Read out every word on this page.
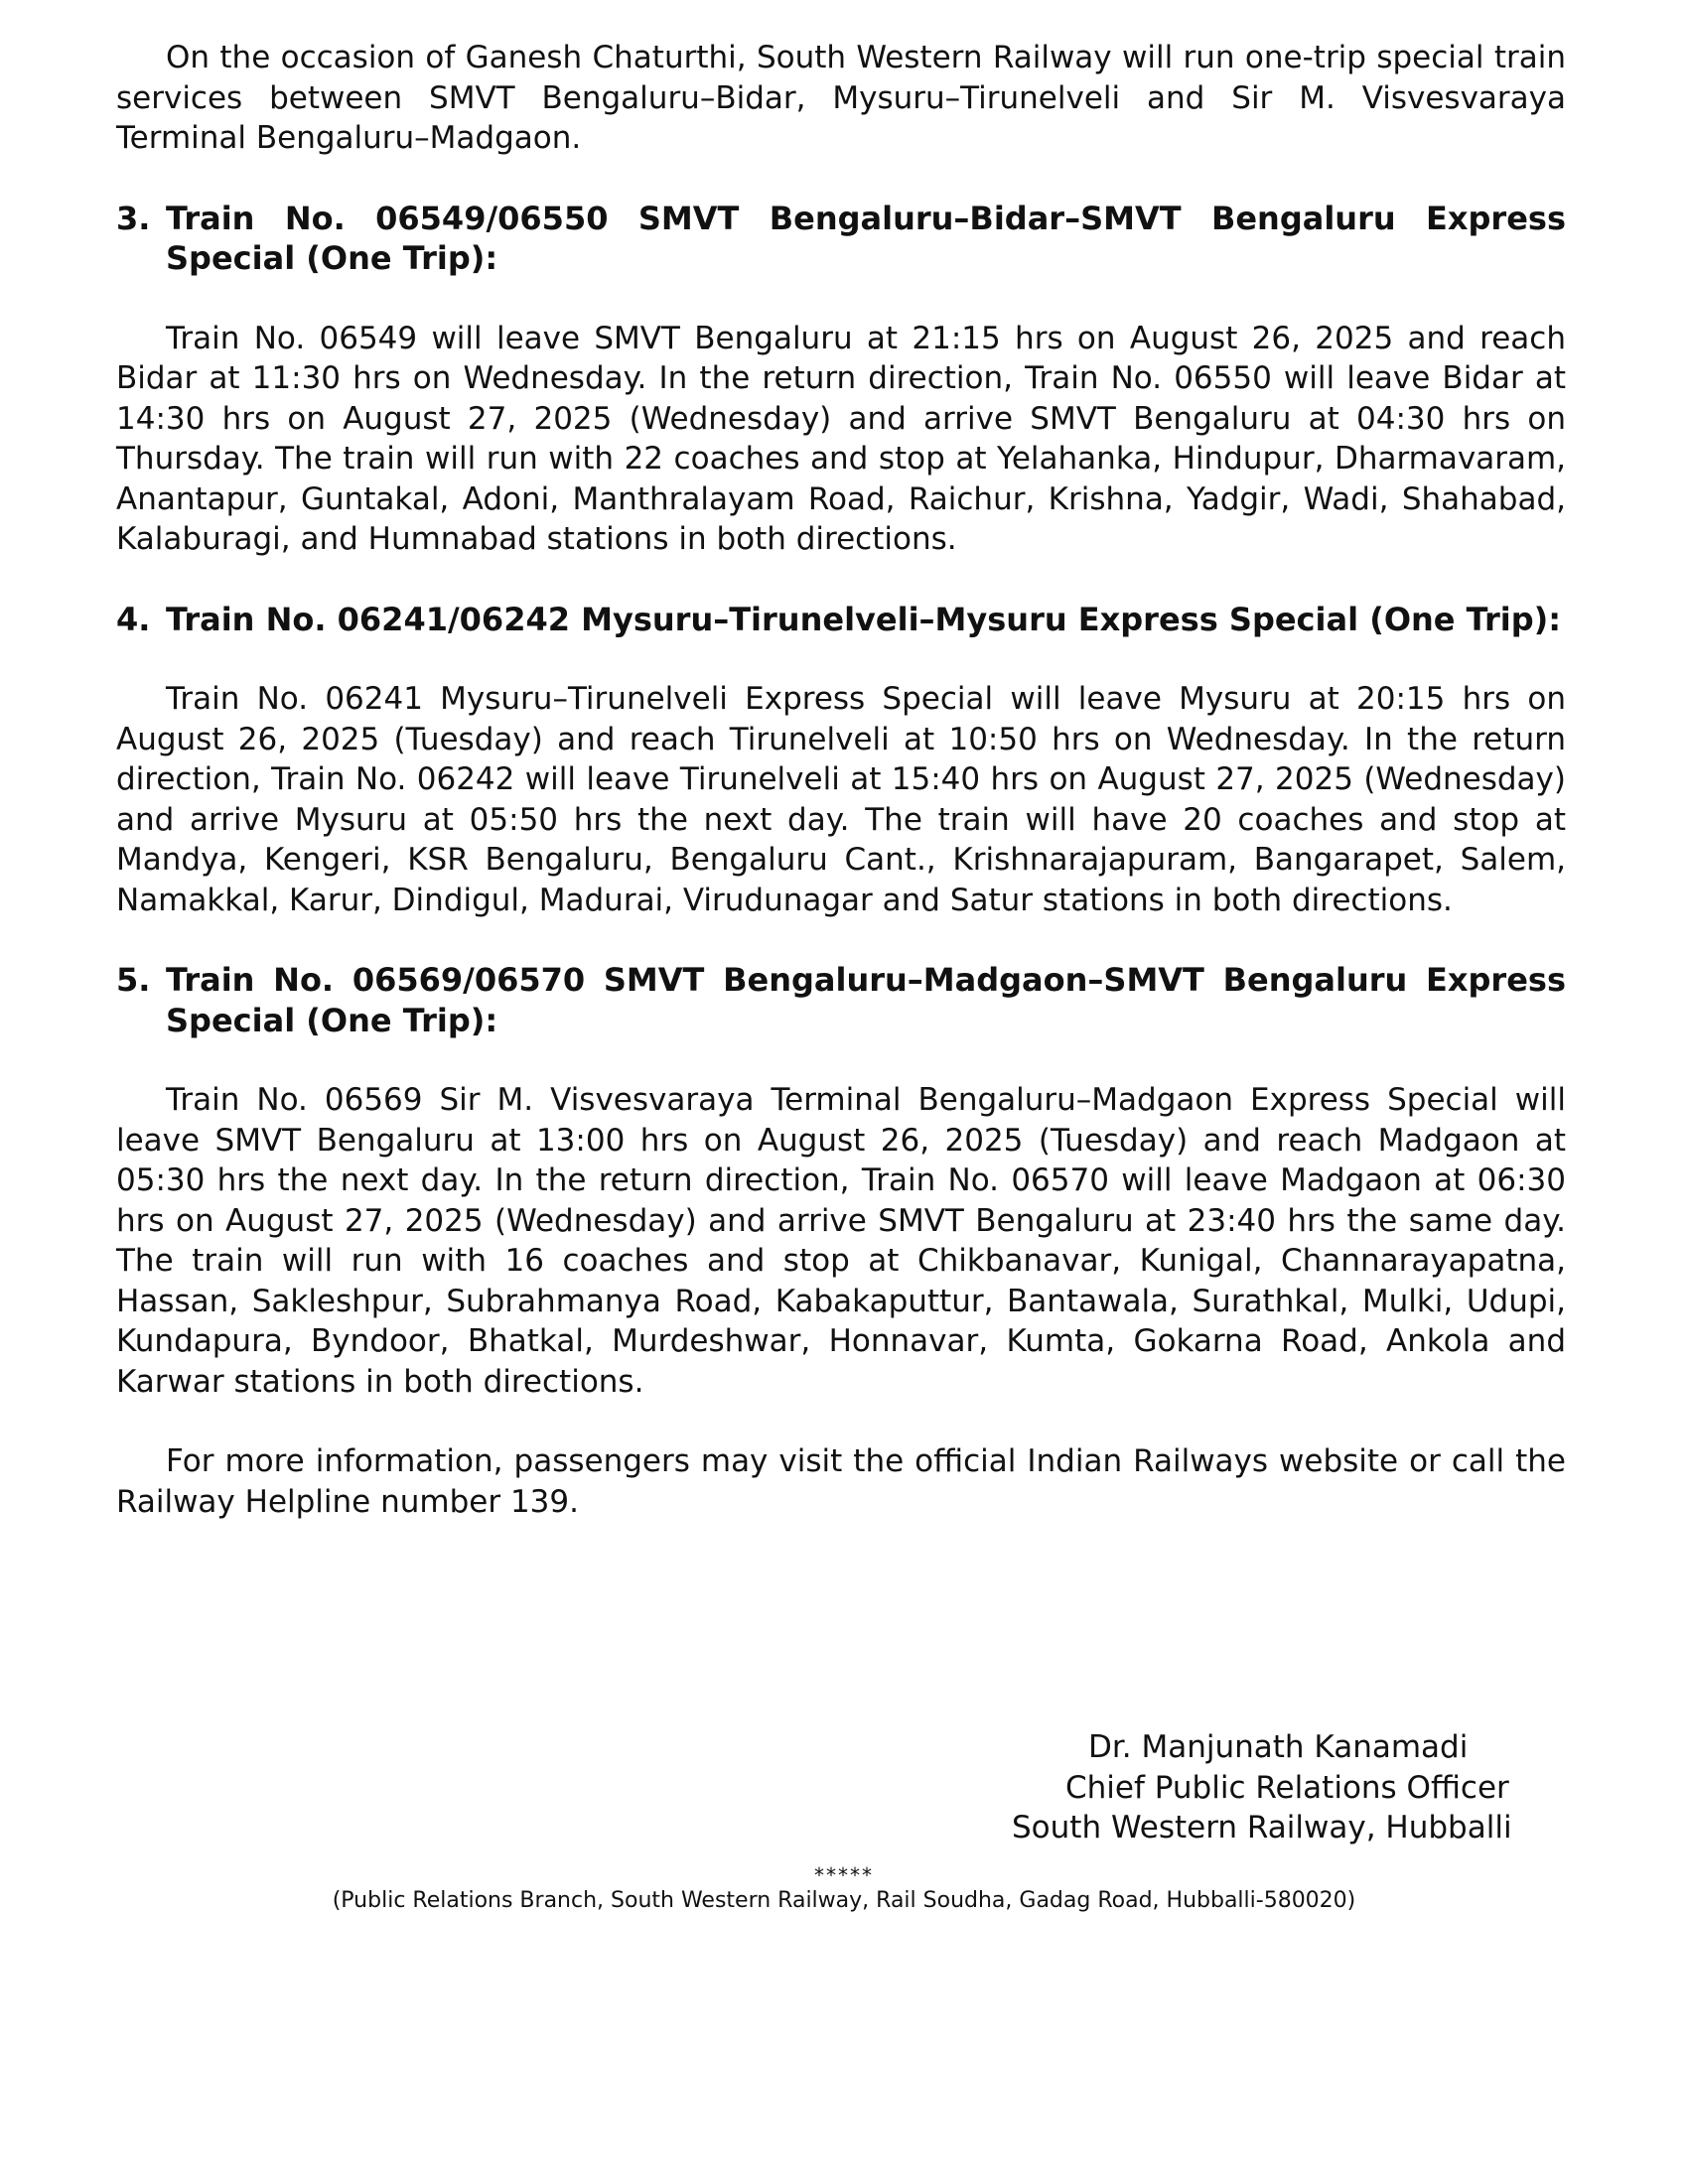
On the occasion of Ganesh Chaturthi, South Western Railway will run one-trip special train services between SMVT Bengaluru–Bidar, Mysuru–Tirunelveli and Sir M. Visvesvaraya Terminal Bengaluru–Madgaon.

3. Train No. 06549/06550 SMVT Bengaluru–Bidar–SMVT Bengaluru Express Special (One Trip):

Train No. 06549 will leave SMVT Bengaluru at 21:15 hrs on August 26, 2025 and reach Bidar at 11:30 hrs on Wednesday. In the return direction, Train No. 06550 will leave Bidar at 14:30 hrs on August 27, 2025 (Wednesday) and arrive SMVT Bengaluru at 04:30 hrs on Thursday. The train will run with 22 coaches and stop at Yelahanka, Hindupur, Dharmavaram, Anantapur, Guntakal, Adoni, Manthralayam Road, Raichur, Krishna, Yadgir, Wadi, Shahabad, Kalaburagi, and Humnabad stations in both directions.

4. Train No. 06241/06242 Mysuru–Tirunelveli–Mysuru Express Special (One Trip):

Train No. 06241 Mysuru–Tirunelveli Express Special will leave Mysuru at 20:15 hrs on August 26, 2025 (Tuesday) and reach Tirunelveli at 10:50 hrs on Wednesday. In the return direction, Train No. 06242 will leave Tirunelveli at 15:40 hrs on August 27, 2025 (Wednesday) and arrive Mysuru at 05:50 hrs the next day. The train will have 20 coaches and stop at Mandya, Kengeri, KSR Bengaluru, Bengaluru Cant., Krishnarajapuram, Bangarapet, Salem, Namakkal, Karur, Dindigul, Madurai, Virudunagar and Satur stations in both directions.

5. Train No. 06569/06570 SMVT Bengaluru–Madgaon–SMVT Bengaluru Express Special (One Trip):

Train No. 06569 Sir M. Visvesvaraya Terminal Bengaluru–Madgaon Express Special will leave SMVT Bengaluru at 13:00 hrs on August 26, 2025 (Tuesday) and reach Madgaon at 05:30 hrs the next day. In the return direction, Train No. 06570 will leave Madgaon at 06:30 hrs on August 27, 2025 (Wednesday) and arrive SMVT Bengaluru at 23:40 hrs the same day. The train will run with 16 coaches and stop at Chikbanavar, Kunigal, Channarayapatna, Hassan, Sakleshpur, Subrahmanya Road, Kabakaputtur, Bantawala, Surathkal, Mulki, Udupi, Kundapura, Byndoor, Bhatkal, Murdeshwar, Honnavar, Kumta, Gokarna Road, Ankola and Karwar stations in both directions.

For more information, passengers may visit the official Indian Railways website or call the Railway Helpline number 139.

Dr. Manjunath Kanamadi
Chief Public Relations Officer
South Western Railway, Hubballi
*****
(Public Relations Branch, South Western Railway, Rail Soudha, Gadag Road, Hubballi-580020)
